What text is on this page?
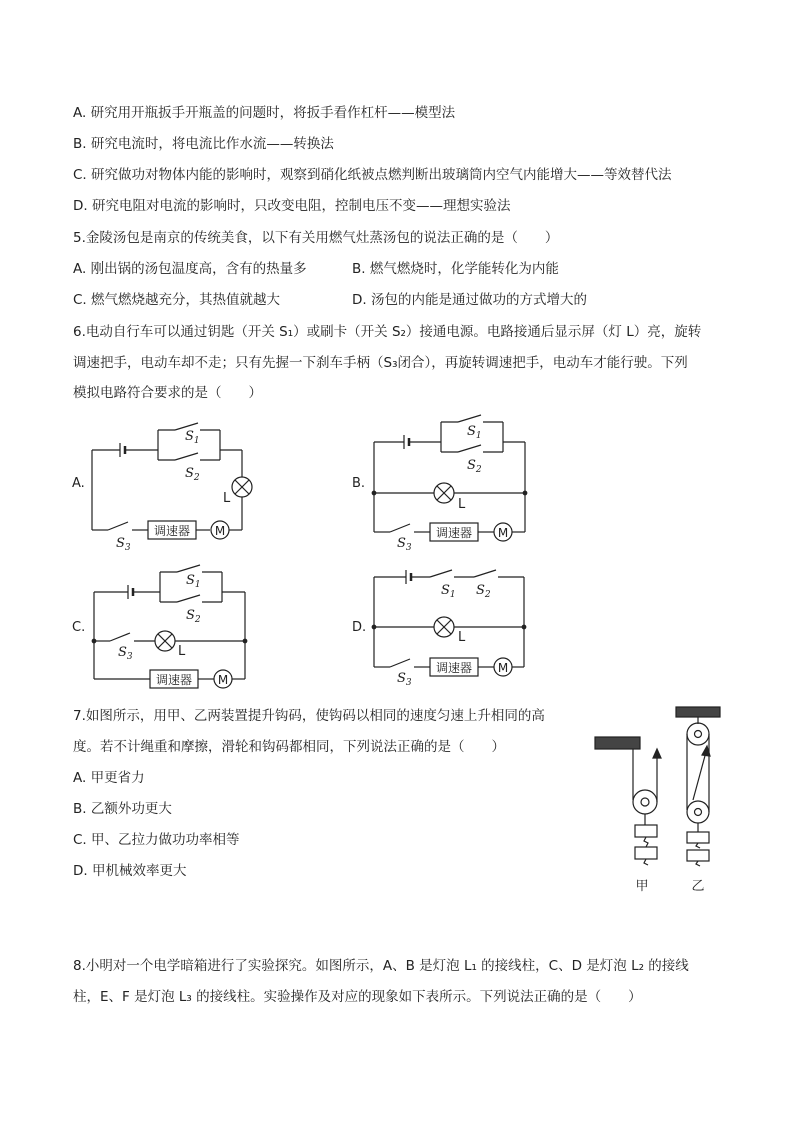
A. 研究用开瓶扳手开瓶盖的问题时，将扳手看作杠杆——模型法
B. 研究电流时，将电流比作水流——转换法
C. 研究做功对物体内能的影响时，观察到硝化纸被点燃判断出玻璃筒内空气内能增大——等效替代法
D. 研究电阻对电流的影响时，只改变电阻，控制电压不变——理想实验法
5.金陵汤包是南京的传统美食，以下有关用燃气灶蒸汤包的说法正确的是（　　）
A. 刚出锅的汤包温度高，含有的热量多	B. 燃气燃烧时，化学能转化为内能
C. 燃气燃烧越充分，其热值就越大	D. 汤包的内能是通过做功的方式增大的
6.电动自行车可以通过钥匙（开关 S₁）或刷卡（开关 S₂）接通电源。电路接通后显示屏（灯 L）亮，旋转
调速把手，电动车却不走；只有先握一下刹车手柄（S₃闭合），再旋转调速把手，电动车才能行驶。下列
模拟电路符合要求的是（　　）
A.
调速器 M
$S_1$
$S_2$
L
$S_3$
B.
调速器 M
$S_1$
$S_2$
L
$S_3$
C.
调速器 M
$S_1$
$S_2$
L
$S_3$
D.
调速器 M
$S_1$ $S_2$
L
$S_3$
7.如图所示，用甲、乙两装置提升钩码，使钩码以相同的速度匀速上升相同的高
度。若不计绳重和摩擦，滑轮和钩码都相同，下列说法正确的是（　　）
A. 甲更省力
B. 乙额外功更大
C. 甲、乙拉力做功功率相等
D. 甲机械效率更大
甲	乙
8.小明对一个电学暗箱进行了实验探究。如图所示，A、B 是灯泡 L₁ 的接线柱，C、D 是灯泡 L₂ 的接线
柱，E、F 是灯泡 L₃ 的接线柱。实验操作及对应的现象如下表所示。下列说法正确的是（　　）
